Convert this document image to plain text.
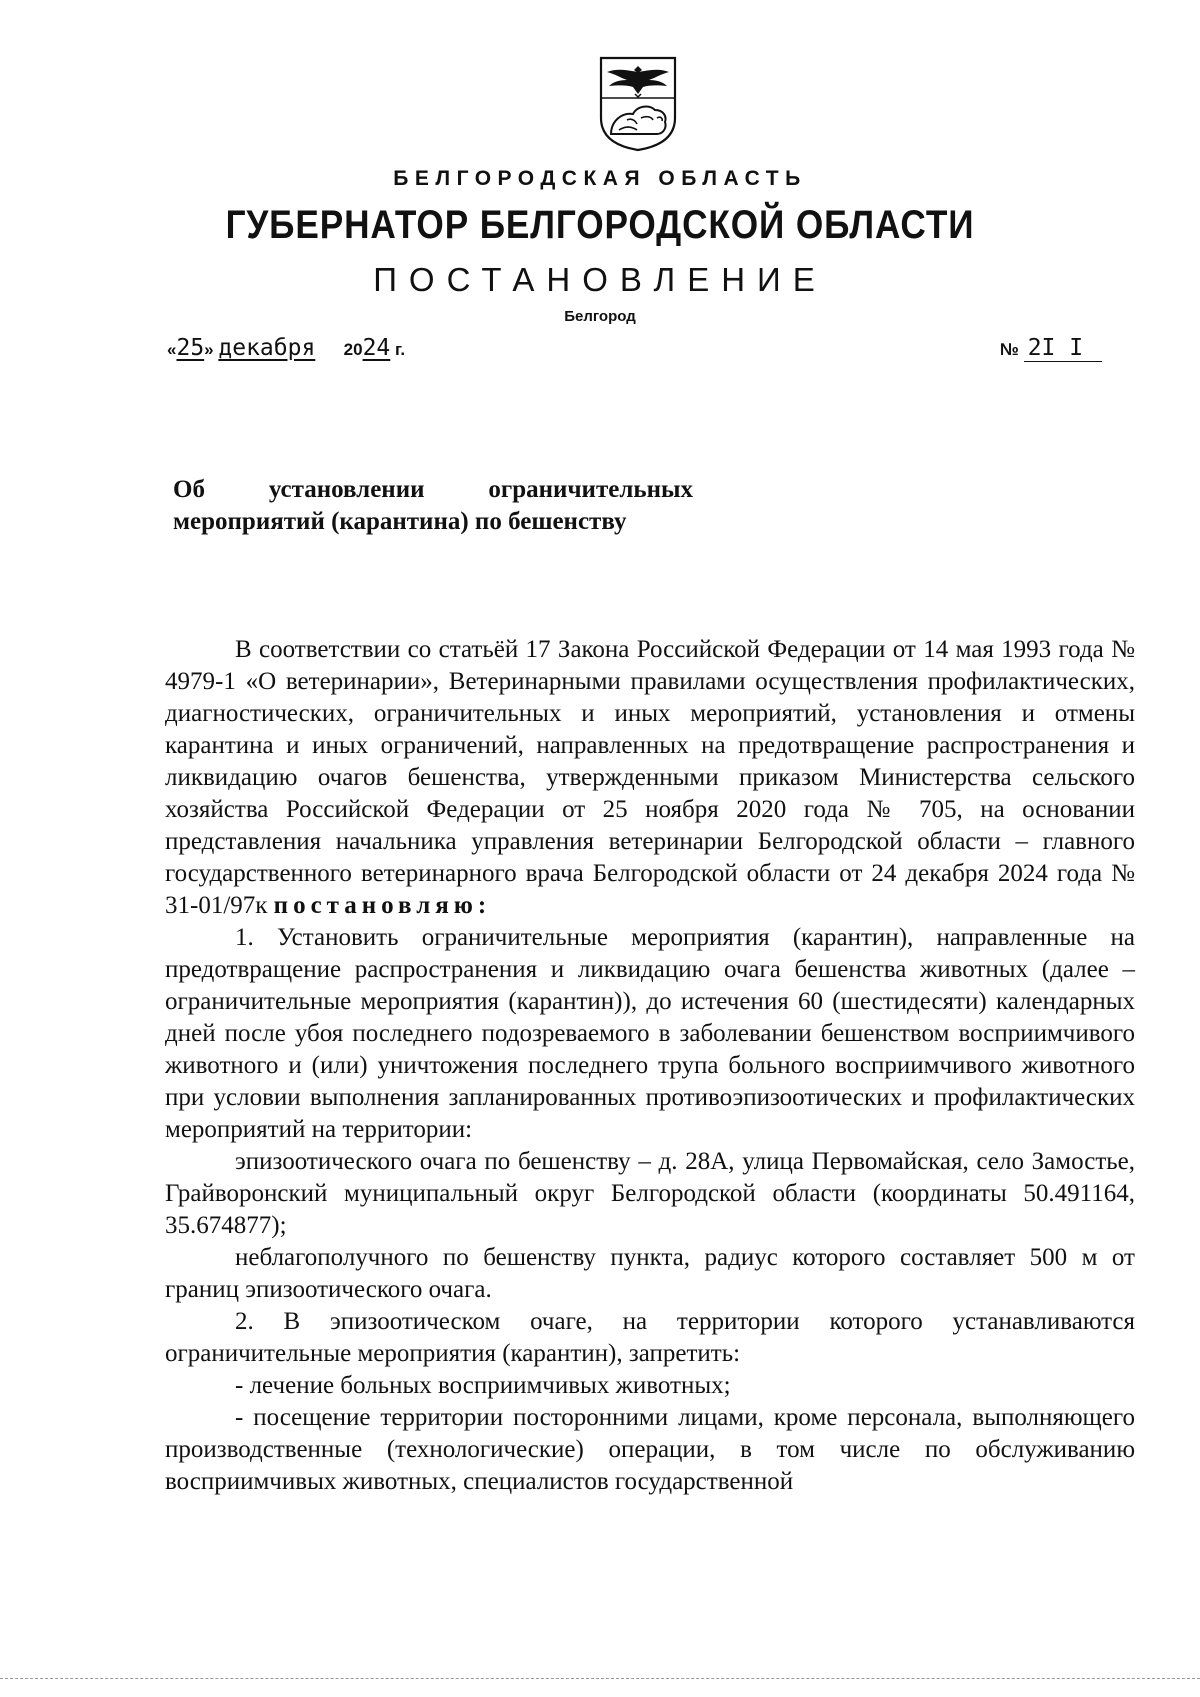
БЕЛГОРОДСКАЯ ОБЛАСТЬ
ГУБЕРНАТОР БЕЛГОРОДСКОЙ ОБЛАСТИ
ПОСТАНОВЛЕНИЕ
Белгород
«25» декабря 2024 г.	№ 2I I
Об	установлении	ограничительных
мероприятий (карантина) по бешенству

В соответствии со статьёй 17 Закона Российской Федерации от 14 мая 1993 года № 4979-1 «О ветеринарии», Ветеринарными правилами осуществления профилактических, диагностических, ограничительных и иных мероприятий, установления и отмены карантина и иных ограничений, направленных на предотвращение распространения и ликвидацию очагов бешенства, утвержденными приказом Министерства сельского хозяйства Российской Федерации от 25 ноября 2020 года № 705, на основании представления начальника управления ветеринарии Белгородской области – главного государственного ветеринарного врача Белгородской области от 24 декабря 2024 года № 31-01/97к постановляю:

1. Установить ограничительные мероприятия (карантин), направленные на предотвращение распространения и ликвидацию очага бешенства животных (далее – ограничительные мероприятия (карантин)), до истечения 60 (шестидесяти) календарных дней после убоя последнего подозреваемого в заболевании бешенством восприимчивого животного и (или) уничтожения последнего трупа больного восприимчивого животного при условии выполнения запланированных противоэпизоотических и профилактических мероприятий на территории:

эпизоотического очага по бешенству – д. 28А, улица Первомайская, село Замостье, Грайворонский муниципальный округ Белгородской области (координаты 50.491164, 35.674877);

неблагополучного по бешенству пункта, радиус которого составляет 500 м от границ эпизоотического очага.

2. В эпизоотическом очаге, на территории которого устанавливаются ограничительные мероприятия (карантин), запретить:

- лечение больных восприимчивых животных;

- посещение территории посторонними лицами, кроме персонала, выполняющего производственные (технологические) операции, в том числе по обслуживанию восприимчивых животных, специалистов государственной
